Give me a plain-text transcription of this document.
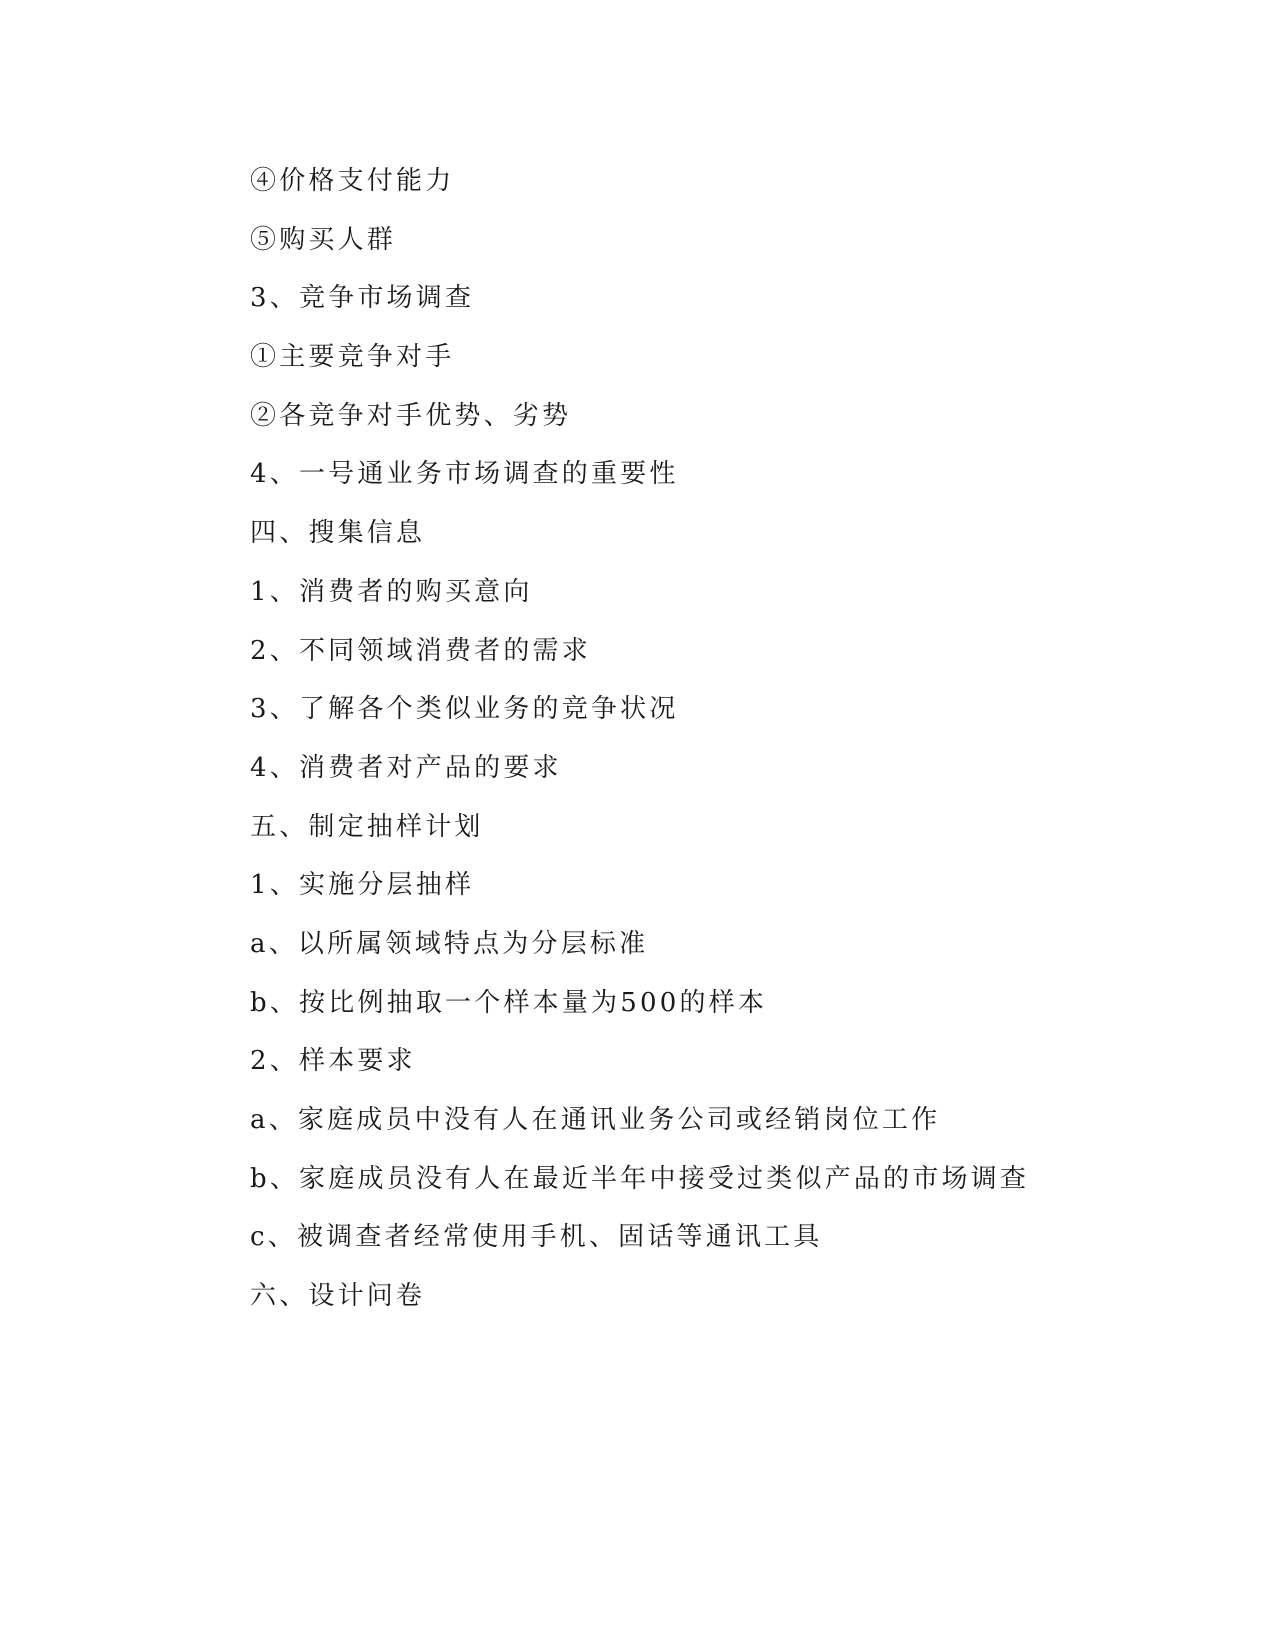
④价格支付能力
⑤购买人群
3、竞争市场调查
①主要竞争对手
②各竞争对手优势、劣势
4、一号通业务市场调查的重要性
四、搜集信息
1、消费者的购买意向
2、不同领域消费者的需求
3、了解各个类似业务的竞争状况
4、消费者对产品的要求
五、制定抽样计划
1、实施分层抽样
a、以所属领域特点为分层标准
b、按比例抽取一个样本量为500的样本
2、样本要求
a、家庭成员中没有人在通讯业务公司或经销岗位工作
b、家庭成员没有人在最近半年中接受过类似产品的市场调查
c、被调查者经常使用手机、固话等通讯工具
六、设计问卷
